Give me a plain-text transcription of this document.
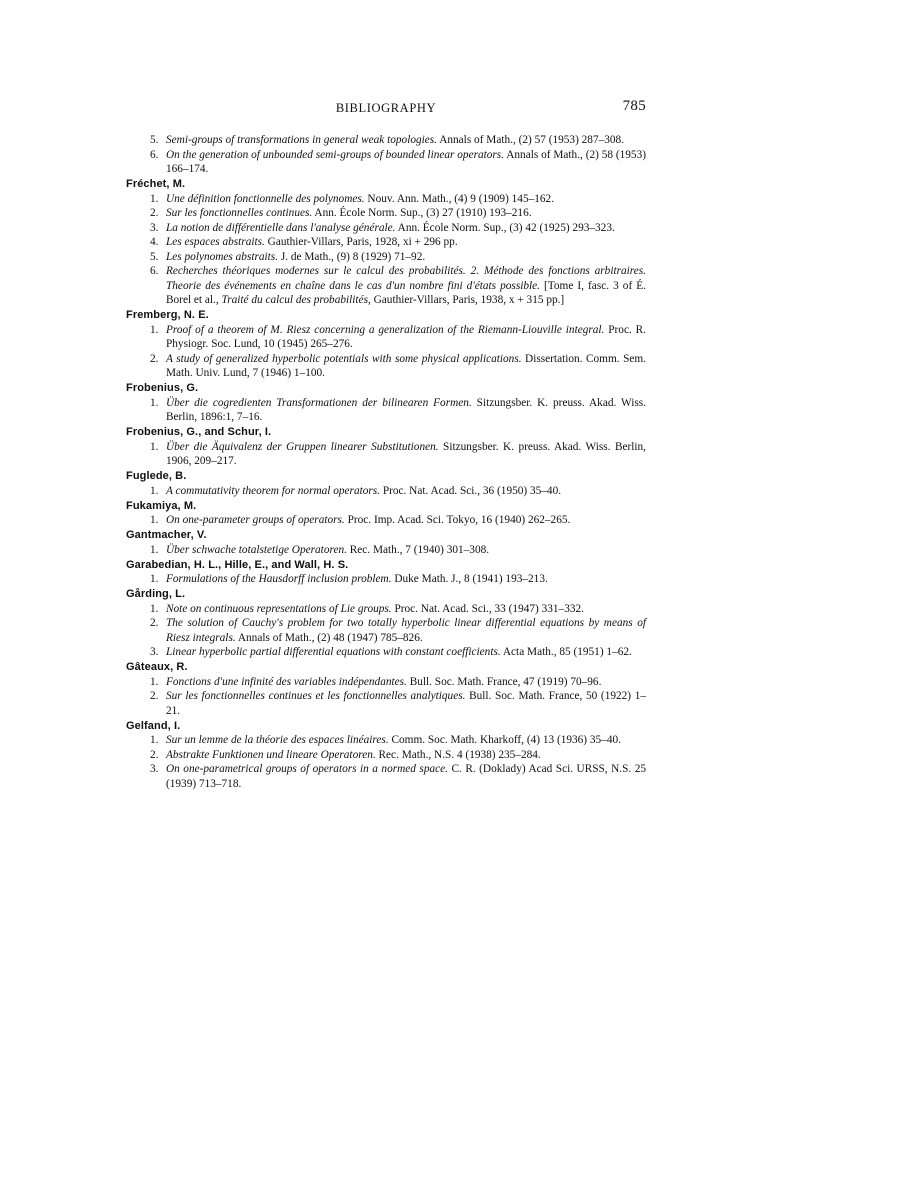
BIBLIOGRAPHY	785
5. Semi-groups of transformations in general weak topologies. Annals of Math., (2) 57 (1953) 287–308.
6. On the generation of unbounded semi-groups of bounded linear operators. Annals of Math., (2) 58 (1953) 166–174.
Fréchet, M.
1. Une définition fonctionnelle des polynomes. Nouv. Ann. Math., (4) 9 (1909) 145–162.
2. Sur les fonctionnelles continues. Ann. École Norm. Sup., (3) 27 (1910) 193–216.
3. La notion de différentielle dans l'analyse générale. Ann. École Norm. Sup., (3) 42 (1925) 293–323.
4. Les espaces abstraits. Gauthier-Villars, Paris, 1928, xi + 296 pp.
5. Les polynomes abstraits. J. de Math., (9) 8 (1929) 71–92.
6. Recherches théoriques modernes sur le calcul des probabilités. 2. Méthode des fonctions arbitraires. Theorie des événements en chaîne dans le cas d'un nombre fini d'états possible. [Tome I, fasc. 3 of É. Borel et al., Traité du calcul des probabilités, Gauthier-Villars, Paris, 1938, x + 315 pp.]
Fremberg, N. E.
1. Proof of a theorem of M. Riesz concerning a generalization of the Riemann-Liouville integral. Proc. R. Physiogr. Soc. Lund, 10 (1945) 265–276.
2. A study of generalized hyperbolic potentials with some physical applications. Dissertation. Comm. Sem. Math. Univ. Lund, 7 (1946) 1–100.
Frobenius, G.
1. Über die cogredienten Transformationen der bilinearen Formen. Sitzungsber. K. preuss. Akad. Wiss. Berlin, 1896:1, 7–16.
Frobenius, G., and Schur, I.
1. Über die Äquivalenz der Gruppen linearer Substitutionen. Sitzungsber. K. preuss. Akad. Wiss. Berlin, 1906, 209–217.
Fuglede, B.
1. A commutativity theorem for normal operators. Proc. Nat. Acad. Sci., 36 (1950) 35–40.
Fukamiya, M.
1. On one-parameter groups of operators. Proc. Imp. Acad. Sci. Tokyo, 16 (1940) 262–265.
Gantmacher, V.
1. Über schwache totalstetige Operatoren. Rec. Math., 7 (1940) 301–308.
Garabedian, H. L., Hille, E., and Wall, H. S.
1. Formulations of the Hausdorff inclusion problem. Duke Math. J., 8 (1941) 193–213.
Gårding, L.
1. Note on continuous representations of Lie groups. Proc. Nat. Acad. Sci., 33 (1947) 331–332.
2. The solution of Cauchy's problem for two totally hyperbolic linear differential equations by means of Riesz integrals. Annals of Math., (2) 48 (1947) 785–826.
3. Linear hyperbolic partial differential equations with constant coefficients. Acta Math., 85 (1951) 1–62.
Gâteaux, R.
1. Fonctions d'une infinité des variables indépendantes. Bull. Soc. Math. France, 47 (1919) 70–96.
2. Sur les fonctionnelles continues et les fonctionnelles analytiques. Bull. Soc. Math. France, 50 (1922) 1–21.
Gelfand, I.
1. Sur un lemme de la théorie des espaces linéaires. Comm. Soc. Math. Kharkoff, (4) 13 (1936) 35–40.
2. Abstrakte Funktionen und lineare Operatoren. Rec. Math., N.S. 4 (1938) 235–284.
3. On one-parametrical groups of operators in a normed space. C. R. (Doklady) Acad Sci. URSS, N.S. 25 (1939) 713–718.
